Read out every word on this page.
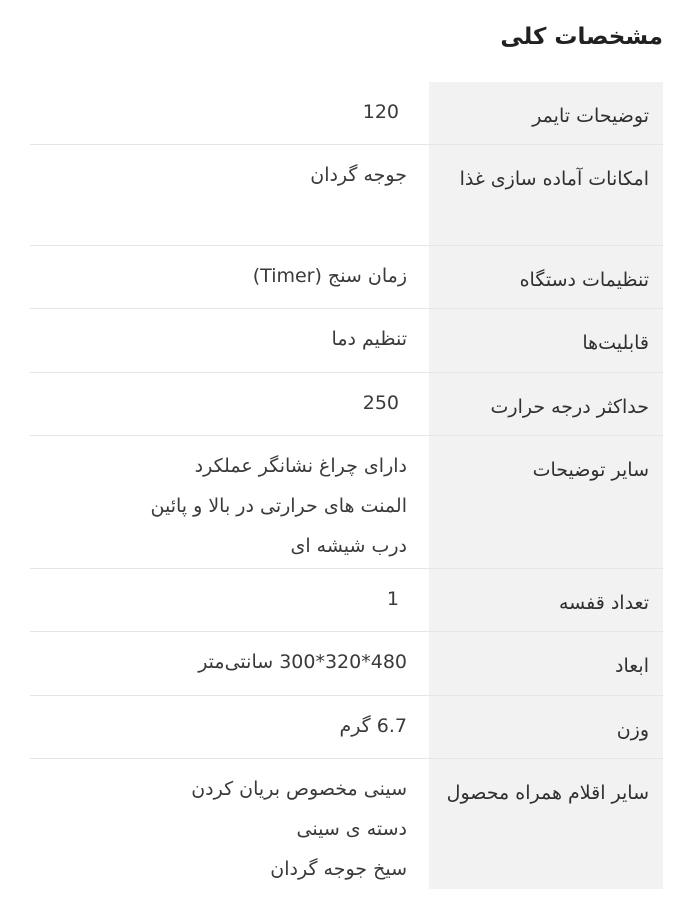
مشخصات کلی
توضیحات تایمر
120
امکانات آماده سازی غذا
جوجه گردان
تنظیمات دستگاه
زمان سنج (Timer)
قابلیت‌ها
تنظیم دما
حداکثر درجه حرارت
250
سایر توضیحات
دارای چراغ نشانگر عملکرد
المنت های حرارتی در بالا و پائین
درب شیشه ای
تعداد قفسه
1
ابعاد
480*320*300 سانتی‌متر
وزن
6.7 گرم
سایر اقلام همراه محصول
سینی مخصوص بریان کردن
دسته ی سینی
سیخ جوجه گردان
